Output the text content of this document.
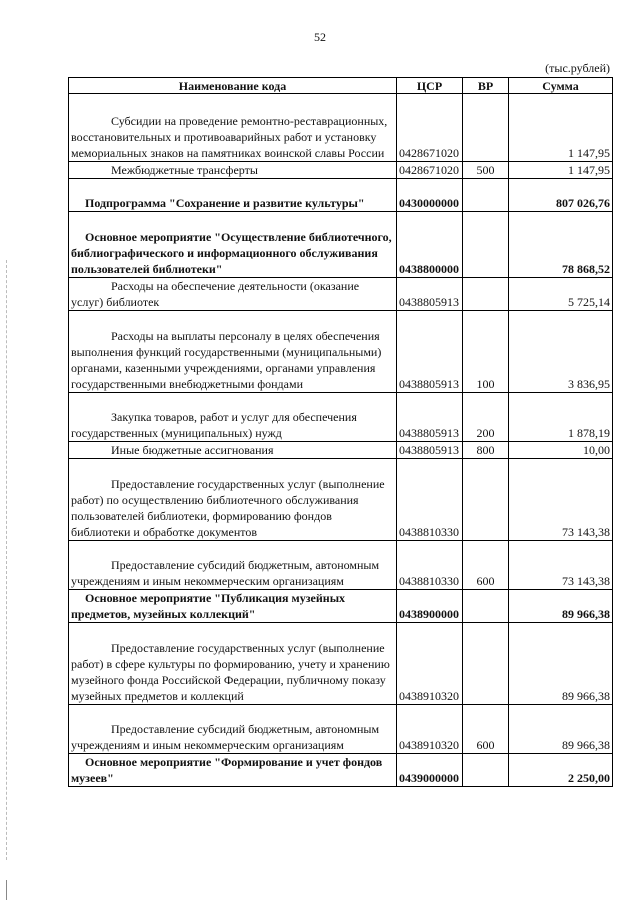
52
(тыс.рублей)
Наименование кода	ЦСР	ВР	Сумма
Субсидии на проведение ремонтно-реставрационных, восстановительных и противоаварийных работ и установку мемориальных знаков на памятниках воинской славы России	0428671020		1 147,95
Межбюджетные трансферты	0428671020	500	1 147,95
Подпрограмма "Сохранение и развитие культуры"	0430000000		807 026,76
Основное мероприятие "Осуществление библиотечного, библиографического и информационного обслуживания пользователей библиотеки"	0438800000		78 868,52
Расходы на обеспечение деятельности (оказание услуг) библиотек	0438805913		5 725,14
Расходы на выплаты персоналу в целях обеспечения выполнения функций государственными (муниципальными) органами, казенными учреждениями, органами управления государственными внебюджетными фондами	0438805913	100	3 836,95
Закупка товаров, работ и услуг для обеспечения государственных (муниципальных) нужд	0438805913	200	1 878,19
Иные бюджетные ассигнования	0438805913	800	10,00
Предоставление государственных услуг (выполнение работ) по осуществлению библиотечного обслуживания пользователей библиотеки, формированию фондов библиотеки и обработке документов	0438810330		73 143,38
Предоставление субсидий бюджетным, автономным учреждениям и иным некоммерческим организациям	0438810330	600	73 143,38
Основное мероприятие "Публикация музейных предметов, музейных коллекций"	0438900000		89 966,38
Предоставление государственных услуг (выполнение работ) в сфере культуры по формированию, учету и хранению музейного фонда Российской Федерации, публичному показу музейных предметов и коллекций	0438910320		89 966,38
Предоставление субсидий бюджетным, автономным учреждениям и иным некоммерческим организациям	0438910320	600	89 966,38
Основное мероприятие "Формирование и учет фондов музеев"	0439000000		2 250,00
